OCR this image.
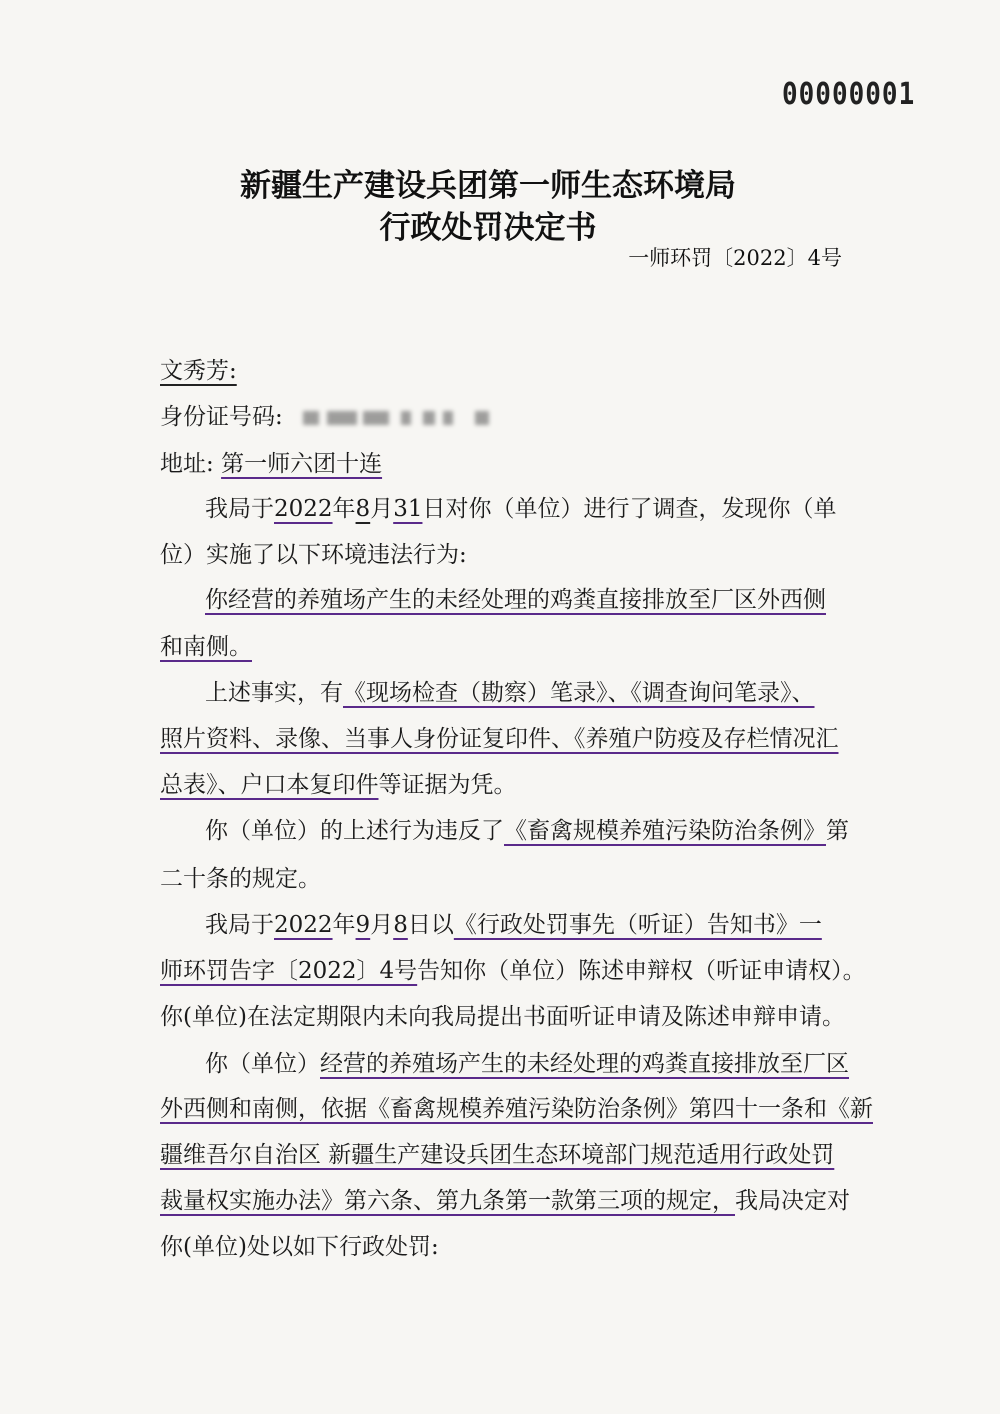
00000001
新疆生产建设兵团第一师生态环境局
行政处罚决定书
一师环罚〔2022〕4号
文秀芳:
身份证号码:
地址: 第一师六团十连
我局于2022年8月31日对你（单位）进行了调查，发现你（单
位）实施了以下环境违法行为:
你经营的养殖场产生的未经处理的鸡粪直接排放至厂区外西侧
和南侧。
上述事实，有《现场检查（勘察）笔录》、《调查询问笔录》、
照片资料、录像、当事人身份证复印件、《养殖户防疫及存栏情况汇
总表》、户口本复印件等证据为凭。
你（单位）的上述行为违反了《畜禽规模养殖污染防治条例》第
二十条的规定。
我局于2022年9月8日以《行政处罚事先（听证）告知书》一
师环罚告字〔2022〕4号告知你（单位）陈述申辩权（听证申请权）。
你(单位)在法定期限内未向我局提出书面听证申请及陈述申辩申请。
你（单位）经营的养殖场产生的未经处理的鸡粪直接排放至厂区
外西侧和南侧，依据《畜禽规模养殖污染防治条例》第四十一条和《新
疆维吾尔自治区 新疆生产建设兵团生态环境部门规范适用行政处罚
裁量权实施办法》第六条、第九条第一款第三项的规定，我局决定对
你(单位)处以如下行政处罚:
